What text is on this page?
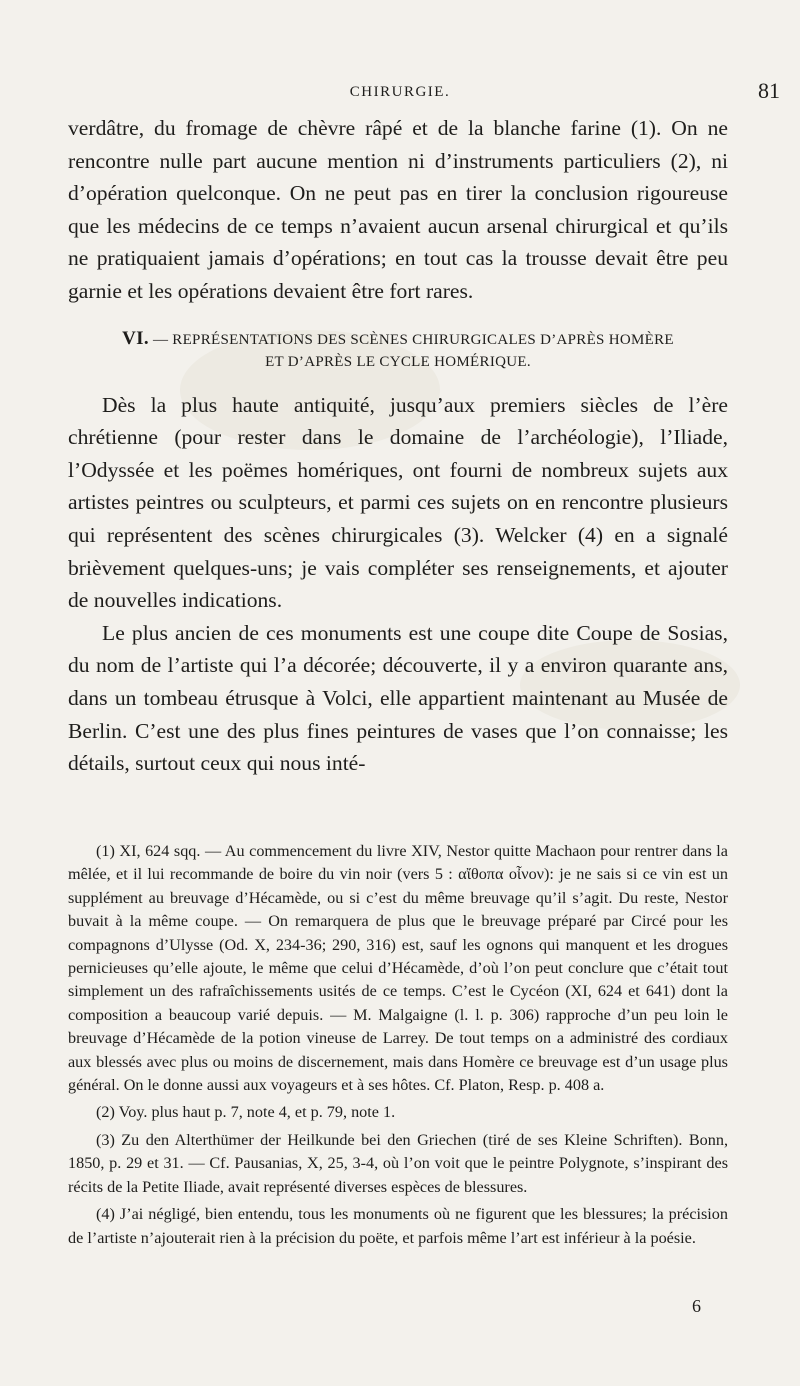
CHIRURGIE.	81

verdâtre, du fromage de chèvre râpé et de la blanche farine (1). On ne rencontre nulle part aucune mention ni d’instruments particuliers (2), ni d’opération quelconque. On ne peut pas en tirer la conclusion rigoureuse que les médecins de ce temps n’avaient aucun arsenal chirurgical et qu’ils ne pratiquaient jamais d’opérations; en tout cas la trousse devait être peu garnie et les opérations devaient être fort rares.

VI. — REPRÉSENTATIONS DES SCÈNES CHIRURGICALES D’APRÈS HOMÈRE
ET D’APRÈS LE CYCLE HOMÉRIQUE.

Dès la plus haute antiquité, jusqu’aux premiers siècles de l’ère chrétienne (pour rester dans le domaine de l’archéologie), l’Iliade, l’Odyssée et les poëmes homériques, ont fourni de nombreux sujets aux artistes peintres ou sculpteurs, et parmi ces sujets on en rencontre plusieurs qui représentent des scènes chirurgicales (3). Welcker (4) en a signalé brièvement quelques-uns; je vais compléter ses renseignements, et ajouter de nouvelles indications.

Le plus ancien de ces monuments est une coupe dite Coupe de Sosias, du nom de l’artiste qui l’a décorée; découverte, il y a environ quarante ans, dans un tombeau étrusque à Volci, elle appartient maintenant au Musée de Berlin. C’est une des plus fines peintures de vases que l’on connaisse; les détails, surtout ceux qui nous inté-

(1) XI, 624 sqq. — Au commencement du livre XIV, Nestor quitte Machaon pour rentrer dans la mêlée, et il lui recommande de boire du vin noir (vers 5 : αἴθοπα οἶνον): je ne sais si ce vin est un supplément au breuvage d’Hécamède, ou si c’est du même breuvage qu’il s’agit. Du reste, Nestor buvait à la même coupe. — On remarquera de plus que le breuvage préparé par Circé pour les compagnons d’Ulysse (Od. X, 234-36; 290, 316) est, sauf les ognons qui manquent et les drogues pernicieuses qu’elle ajoute, le même que celui d’Hécamède, d’où l’on peut conclure que c’était tout simplement un des rafraîchissements usités de ce temps. C’est le Cycéon (XI, 624 et 641) dont la composition a beaucoup varié depuis. — M. Malgaigne (l. l. p. 306) rapproche d’un peu loin le breuvage d’Hécamède de la potion vineuse de Larrey. De tout temps on a administré des cordiaux aux blessés avec plus ou moins de discernement, mais dans Homère ce breuvage est d’un usage plus général. On le donne aussi aux voyageurs et à ses hôtes. Cf. Platon, Resp. p. 408 a.

(2) Voy. plus haut p. 7, note 4, et p. 79, note 1.

(3) Zu den Alterthümer der Heilkunde bei den Griechen (tiré de ses Kleine Schriften). Bonn, 1850, p. 29 et 31. — Cf. Pausanias, X, 25, 3-4, où l’on voit que le peintre Polygnote, s’inspirant des récits de la Petite Iliade, avait représenté diverses espèces de blessures.

(4) J’ai négligé, bien entendu, tous les monuments où ne figurent que les blessures; la précision de l’artiste n’ajouterait rien à la précision du poëte, et parfois même l’art est inférieur à la poésie.

6
